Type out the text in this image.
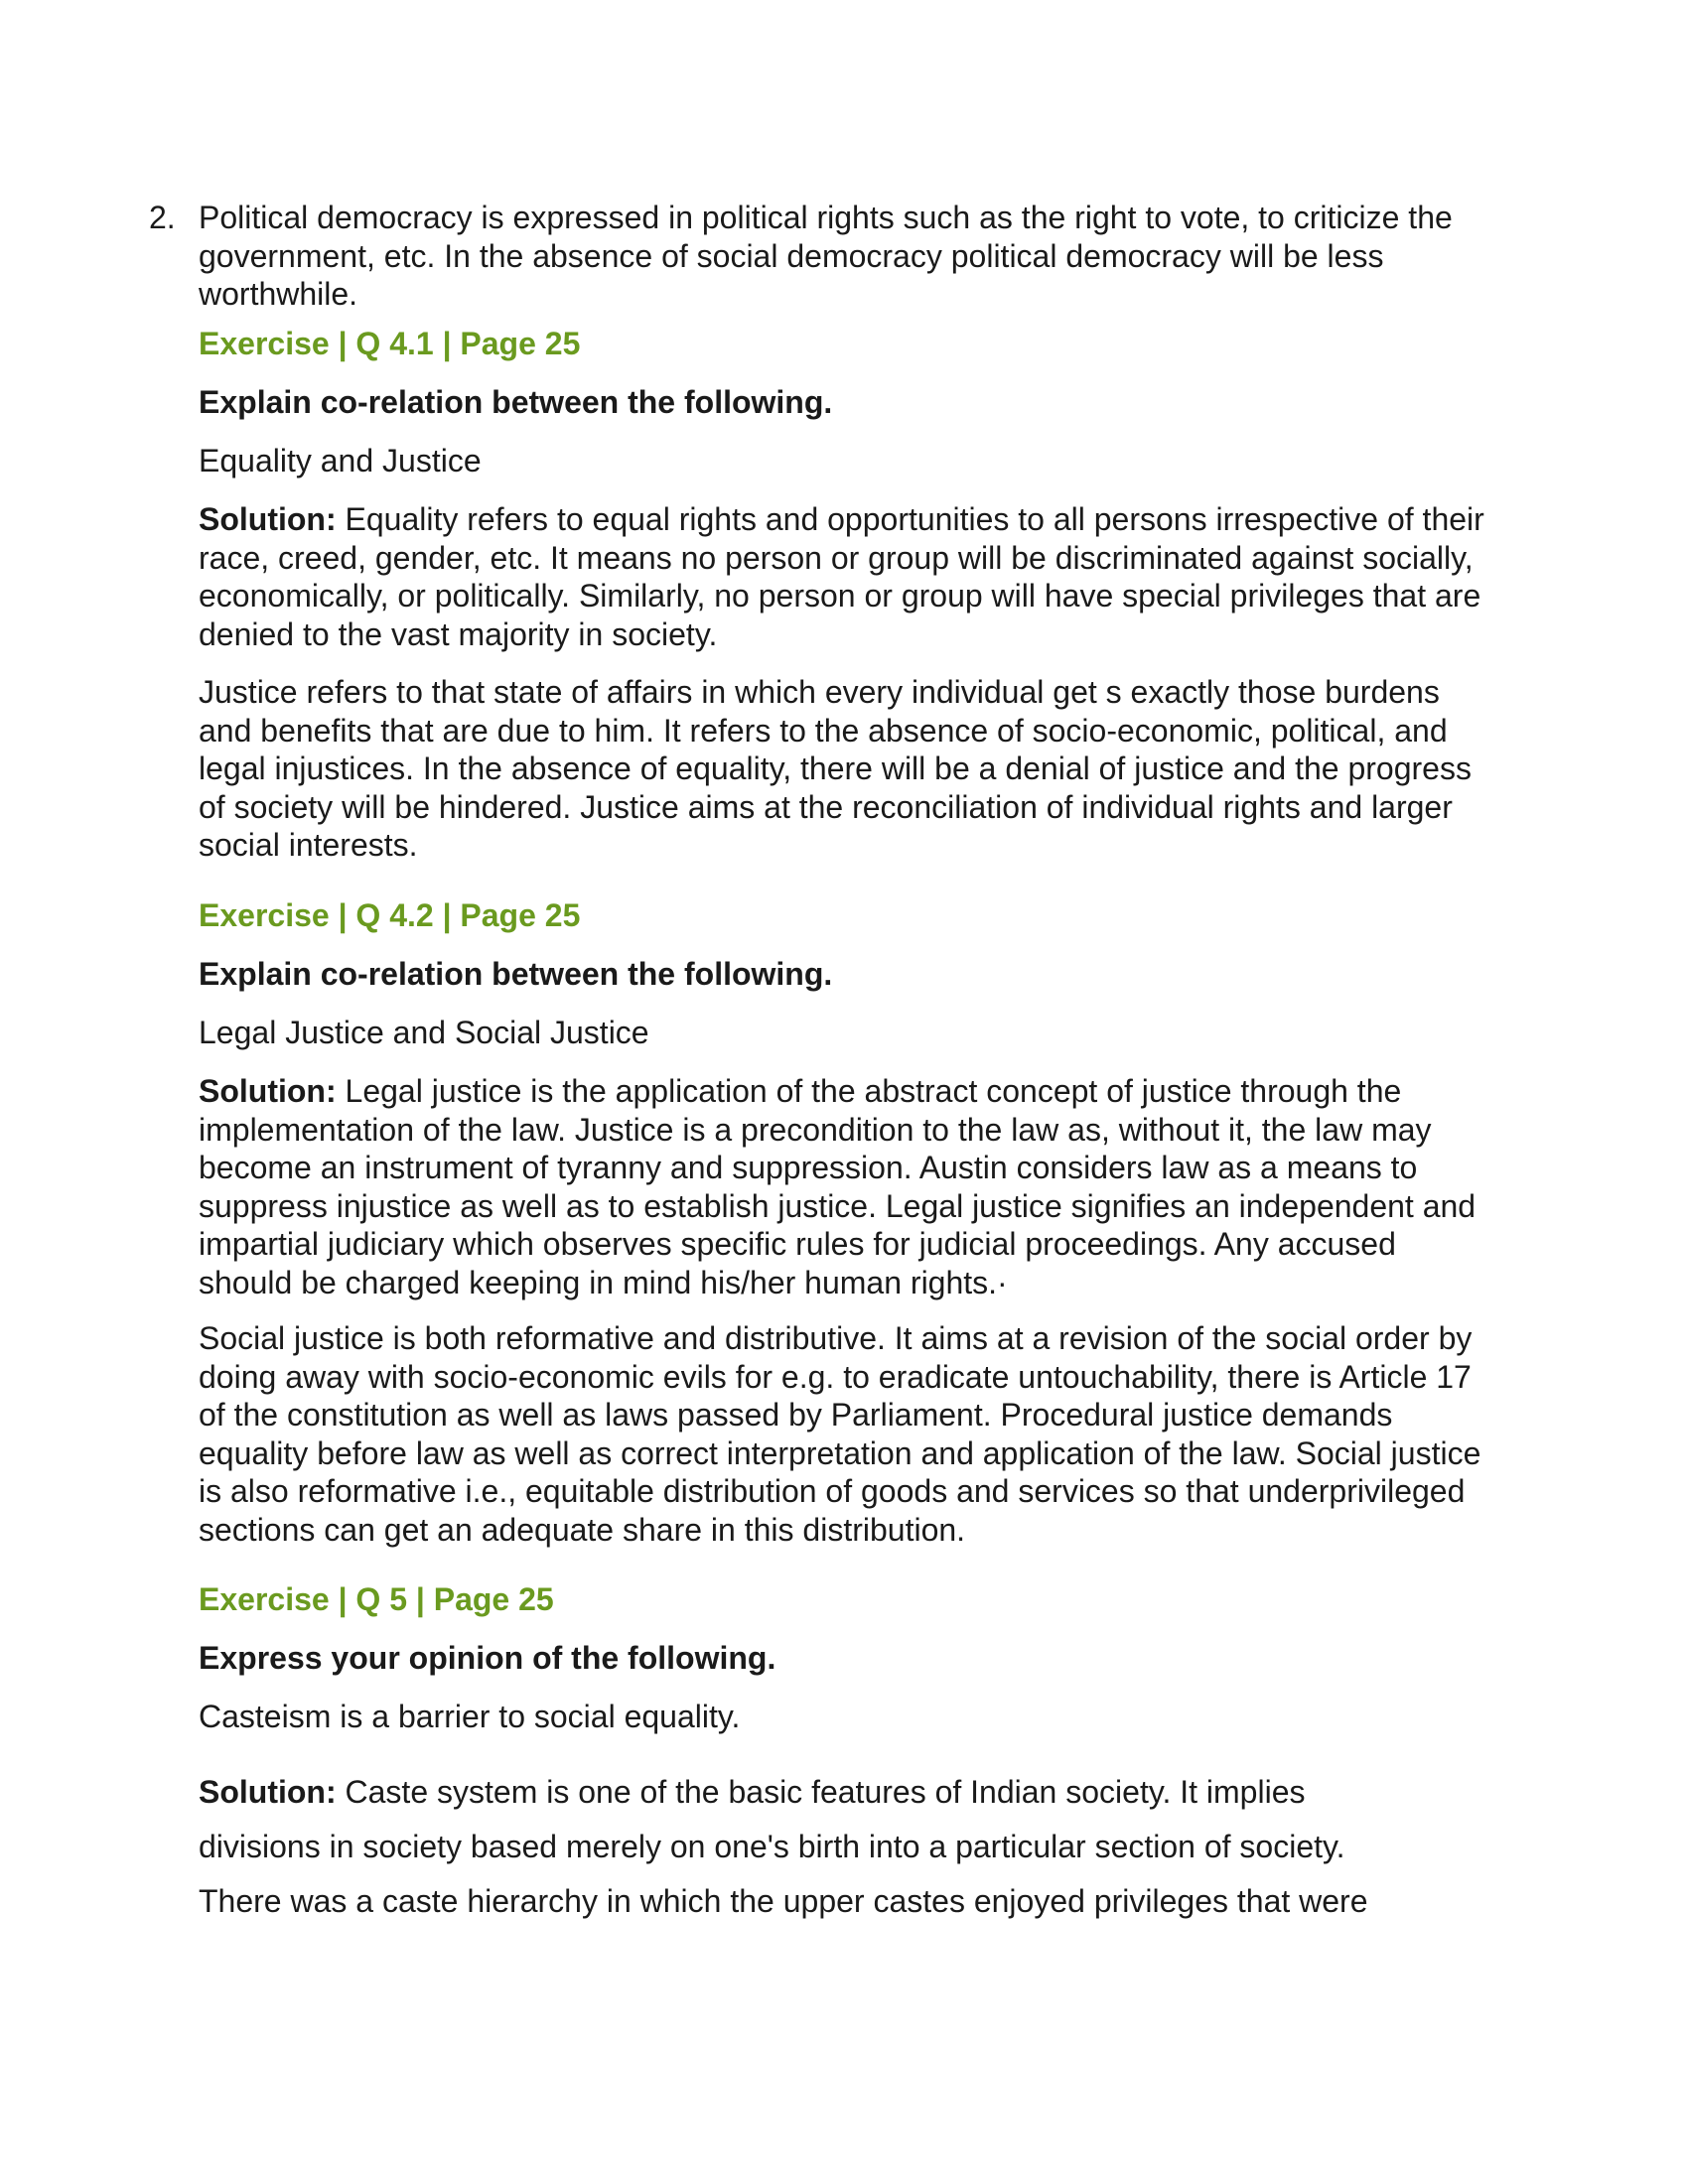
2. Political democracy is expressed in political rights such as the right to vote, to criticize the government, etc. In the absence of social democracy political democracy will be less worthwhile.
Exercise | Q 4.1 | Page 25
Explain co-relation between the following.
Equality and Justice
Solution: Equality refers to equal rights and opportunities to all persons irrespective of their race, creed, gender, etc. It means no person or group will be discriminated against socially, economically, or politically. Similarly, no person or group will have special privileges that are denied to the vast majority in society.
Justice refers to that state of affairs in which every individual get s exactly those burdens and benefits that are due to him. It refers to the absence of socio-economic, political, and legal injustices. In the absence of equality, there will be a denial of justice and the progress of society will be hindered. Justice aims at the reconciliation of individual rights and larger social interests.
Exercise | Q 4.2 | Page 25
Explain co-relation between the following.
Legal Justice and Social Justice
Solution: Legal justice is the application of the abstract concept of justice through the implementation of the law. Justice is a precondition to the law as, without it, the law may become an instrument of tyranny and suppression. Austin considers law as a means to suppress injustice as well as to establish justice. Legal justice signifies an independent and impartial judiciary which observes specific rules for judicial proceedings. Any accused should be charged keeping in mind his/her human rights.·
Social justice is both reformative and distributive. It aims at a revision of the social order by doing away with socio-economic evils for e.g. to eradicate untouchability, there is Article 17 of the constitution as well as laws passed by Parliament. Procedural justice demands equality before law as well as correct interpretation and application of the law. Social justice is also reformative i.e., equitable distribution of goods and services so that underprivileged sections can get an adequate share in this distribution.
Exercise | Q 5 | Page 25
Express your opinion of the following.
Casteism is a barrier to social equality.
Solution: Caste system is one of the basic features of Indian society. It implies
divisions in society based merely on one's birth into a particular section of society.
There was a caste hierarchy in which the upper castes enjoyed privileges that were
